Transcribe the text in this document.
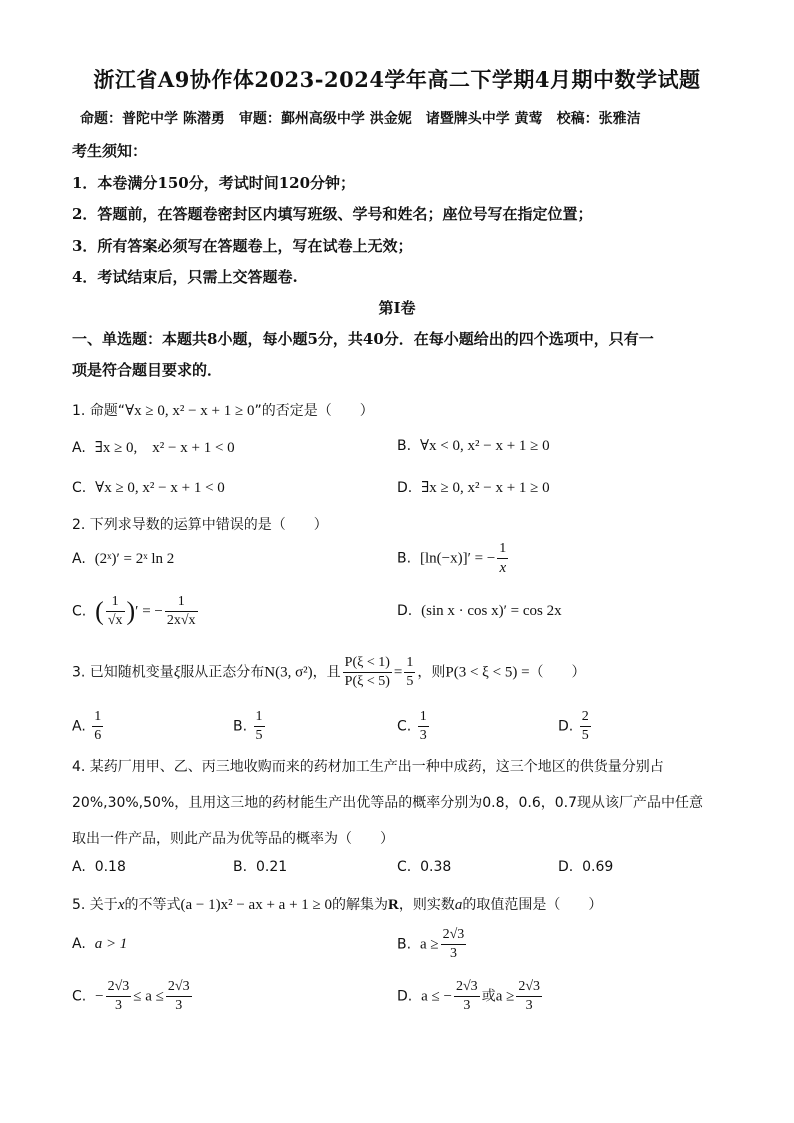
浙江省A9协作体2023-2024学年高二下学期4月期中数学试题
命题：普陀中学 陈潜勇　审题：鄞州高级中学 洪金妮　诸暨牌头中学 黄莺　校稿：张雅洁
考生须知：
1．本卷满分150分，考试时间120分钟；
2．答题前，在答题卷密封区内填写班级、学号和姓名；座位号写在指定位置；
3．所有答案必须写在答题卷上，写在试卷上无效；
4．考试结束后，只需上交答题卷.
第Ⅰ卷
一、单选题：本题共8小题，每小题5分，共40分．在每小题给出的四个选项中，只有一
项是符合题目要求的．
1. 命题“∀x ≥ 0, x² − x + 1 ≥ 0”的否定是（　　）
A. ∃x ≥ 0,　x² − x + 1 < 0	B. ∀x < 0, x² − x + 1 ≥ 0
C. ∀x ≥ 0, x² − x + 1 < 0	D. ∃x ≥ 0, x² − x + 1 ≥ 0
2. 下列求导数的运算中错误的是（　　）
A. (2ˣ)′ = 2ˣ ln 2	B. [ln(−x)]′ = − $\frac{1}{x}$
C. ( $\frac{1}{√x}$ )′ = − $\frac{1}{2x√x}$	D. (sin x · cos x)′ = cos 2x
3. 已知随机变量ξ服从正态分布N(3, σ²)，且 $\frac{P(\xi < 1)}{P(\xi < 5)} = \frac{1}{5}$ ，则P(3 < ξ < 5) =（　　）
A. $\frac{1}{6}$	B. $\frac{1}{5}$	C. $\frac{1}{3}$	D. $\frac{2}{5}$
4. 某药厂用甲、乙、丙三地收购而来的药材加工生产出一种中成药，这三个地区的供货量分别占
20%,30%,50%，且用这三地的药材能生产出优等品的概率分别为0.8，0.6，0.7现从该厂产品中任意
取出一件产品，则此产品为优等品的概率为（　　）
A. 0.18	B. 0.21	C. 0.38	D. 0.69
5. 关于x的不等式(a − 1)x² − ax + a + 1 ≥ 0的解集为R，则实数a的取值范围是（　　）
A. a > 1	B. $a \ge \frac{2√3}{3}$
C. − $\frac{2√3}{3} \le a \le \frac{2√3}{3}$	D. a ≤ − $\frac{2√3}{3}$ 或$a \ge \frac{2√3}{3}$
